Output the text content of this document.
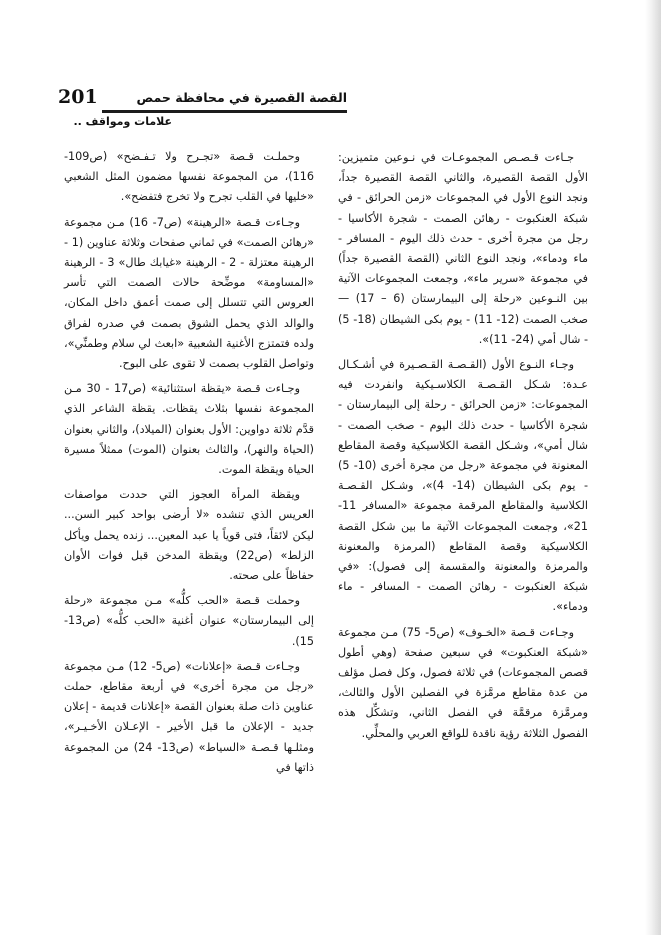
201	القصة القصيرة في محافظة حمص
علامات ومواقف ..

جـاءت قـصـص المجموعـات في نـوعين متميزين: الأول القصة القصيرة، والثاني القصة القصيرة جداً، ونجد النوع الأول في المجموعات «زمن الحرائق - في شبكة العنكبوت - رهائن الصمت - شجرة الأكاسيا - رجل من مجرة أخرى - حدث ذلك اليوم - المسافر - ماء ودماء»، ونجد النوع الثاني (القصة القصيرة جداً) في مجموعة «سرير ماء»، وجمعت المجموعات الآتية بين النـوعين «رحلة إلى البيمارستان (6 – 17) — صخب الصمت (12- 11) - يوم بكى الشيطان (18- 5) - شال أمي (24- 11)».

وجـاء النـوع الأول (القـصـة القـصـيرة في أشـكـال عـدة: شـكل القـصـة الكلاسـيكية وانفردت فيه المجموعات: «زمن الحرائق - رحلة إلى البيمارستان - شجرة الأكاسيا - حدث ذلك اليوم - صخب الصمت - شال أمي»، وشـكل القصة الكلاسيكية وقصة المقاطع المعنونة في مجموعة «رجل من مجرة أخرى (10- 5) - يوم بكى الشيطان (14- 4)»، وشـكل القـصـة الكلاسية والمقاطع المرقمة مجموعة «المسافر 11- 21»، وجمعت المجموعات الآتية ما بين شكل القصة الكلاسيكية وقصة المقاطع (المرمزة والمعنونة والمرمزة والمعنونة والمقسمة إلى فصول): «في شبكة العنكبوت - رهائن الصمت - المسافر - ماء ودماء».

وجـاءت قـصة «الخـوف» (ص5- 75) مـن مجموعة «شبكة العنكبوت» في سبعين صفحة (وهي أطول قصص المجموعات) في ثلاثة فصول، وكل فصل مؤلف من عدة مقاطع مرمَّزة في الفصلين الأول والثالث، ومرمَّزة مرقمَّة في الفصل الثاني، وتشكِّل هذه الفصول الثلاثة رؤية ناقدة للواقع العربي والمحلِّي.

وحملـت قـصة «تجـرح ولا تـفـضح» (ص109- 116)، من المجموعة نفسها مضمون المثل الشعبي «خليها في القلب تجرح ولا تخرج فتفضح».

وجـاءت قـصة «الرهينة» (ص7- 16) مـن مجموعة «رهائن الصمت» في ثماني صفحات وثلاثة عناوين (1 - الرهينة معتزلة - 2 - الرهينة «غيابك طال» 3 - الرهينة «المساومة» موضِّحة حالات الصمت التي تأسر العروس التي تتسلل إلى صمت أعمق داخل المكان، والوالد الذي يحمل الشوق بصمت في صدره لفراق ولده فتمتزج الأغنية الشعبية «ابعث لي سلام وطمنِّي»، وتواصل القلوب بصمت لا تقوى على البوح.

وجـاءت قـصة «يقظة استثنائية» (ص17 - 30 مـن المجموعة نفسها بثلاث يقظات. يقظة الشاعر الذي قدَّم ثلاثة دواوين: الأول بعنوان (الميلاد)، والثاني بعنوان (الحياة والنهر)، والثالث بعنوان (الموت) ممثلاً مسيرة الحياة ويقظة الموت.

ويقظة المرأة العجوز التي حددت مواصفات العريس الذي تنشده «لا أرضى بواحد كبير السن... ليكن لائقاً، فتى قوياً يا عبد المعين... زنده يحمل ويأكل الزلط» (ص22) ويقظة المدخن قبل فوات الأوان حفاظاً على صحته.

وحملت قـصة «الحب كلُّه» مـن مجموعة «رحلة إلى البيمارستان» عنوان أغنية «الحب كلُّه» (ص13- 15).

وجـاءت قـصة «إعلانات» (ص5- 12) مـن مجموعة «رجل من مجرة أخرى» في أربعة مقاطع، حملت عناوين ذات صلة بعنوان القصة «إعلانات قديمة - إعلان جديد - الإعلان ما قبل الأخير - الإعـلان الأخـيـر»، ومثلـها قـصـة «السياط» (ص13- 24) من المجموعة ذاتها في
